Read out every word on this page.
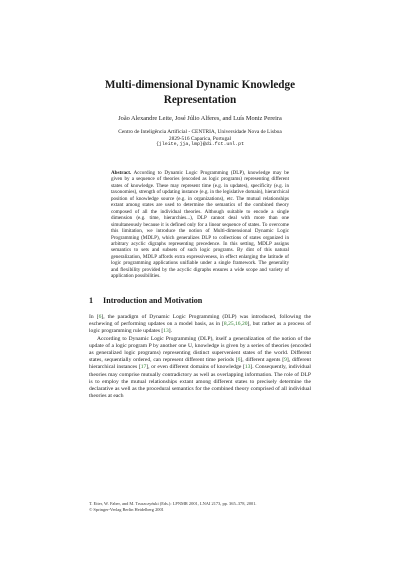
Multi-dimensional Dynamic Knowledge
Representation
João Alexandre Leite, José Júlio Alferes, and Luís Moniz Pereira
Centro de Inteligência Artificial - CENTRIA, Universidade Nova de Lisboa
2829-516 Caparica, Portugal
{jleite,jja,lmp}@di.fct.unl.pt
Abstract. According to Dynamic Logic Programming (DLP), knowledge may be given by a sequence of theories (encoded as logic programs) representing different states of knowledge. These may represent time (e.g. in updates), specificity (e.g. in taxonomies), strength of updating instance (e.g. in the legislative domain), hierarchical position of knowledge source (e.g. in organizations), etc. The mutual relationships extant among states are used to determine the semantics of the combined theory composed of all the individual theories. Although suitable to encode a single dimension (e.g. time, hierarchies...), DLP cannot deal with more than one simultaneously because it is defined only for a linear sequence of states. To overcome this limitation, we introduce the notion of Multi-dimensional Dynamic Logic Programming (MDLP), which generalizes DLP to collections of states organized in arbitrary acyclic digraphs representing precedence. In this setting, MDLP assigns semantics to sets and subsets of such logic programs. By dint of this natural generalization, MDLP affords extra expressiveness, in effect enlarging the latitude of logic programming applications unifiable under a single framework. The generality and flexibility provided by the acyclic digraphs ensures a wide scope and variety of application possibilities.
1 Introduction and Motivation

In [6], the paradigm of Dynamic Logic Programming (DLP) was introduced, following the eschewing of performing updates on a model basis, as in [8,25,16,20], but rather as a process of logic programming rule updates [13].

According to Dynamic Logic Programming (DLP), itself a generalization of the notion of the update of a logic program P by another one U, knowledge is given by a series of theories (encoded as generalized logic programs) representing distinct supervenient states of the world. Different states, sequentially ordered, can represent different time periods [6], different agents [9], different hierarchical instances [17], or even different domains of knowledge [13]. Consequently, individual theories may comprise mutually contradictory as well as overlapping information. The role of DLP is to employ the mutual relationships extant among different states to precisely determine the declarative as well as the procedural semantics for the combined theory comprised of all individual theories at each

T. Eiter, W. Faber, and M. Truszczyński (Eds.): LPNMR 2001, LNAI 2173, pp. 365–378, 2001.
© Springer-Verlag Berlin Heidelberg 2001
